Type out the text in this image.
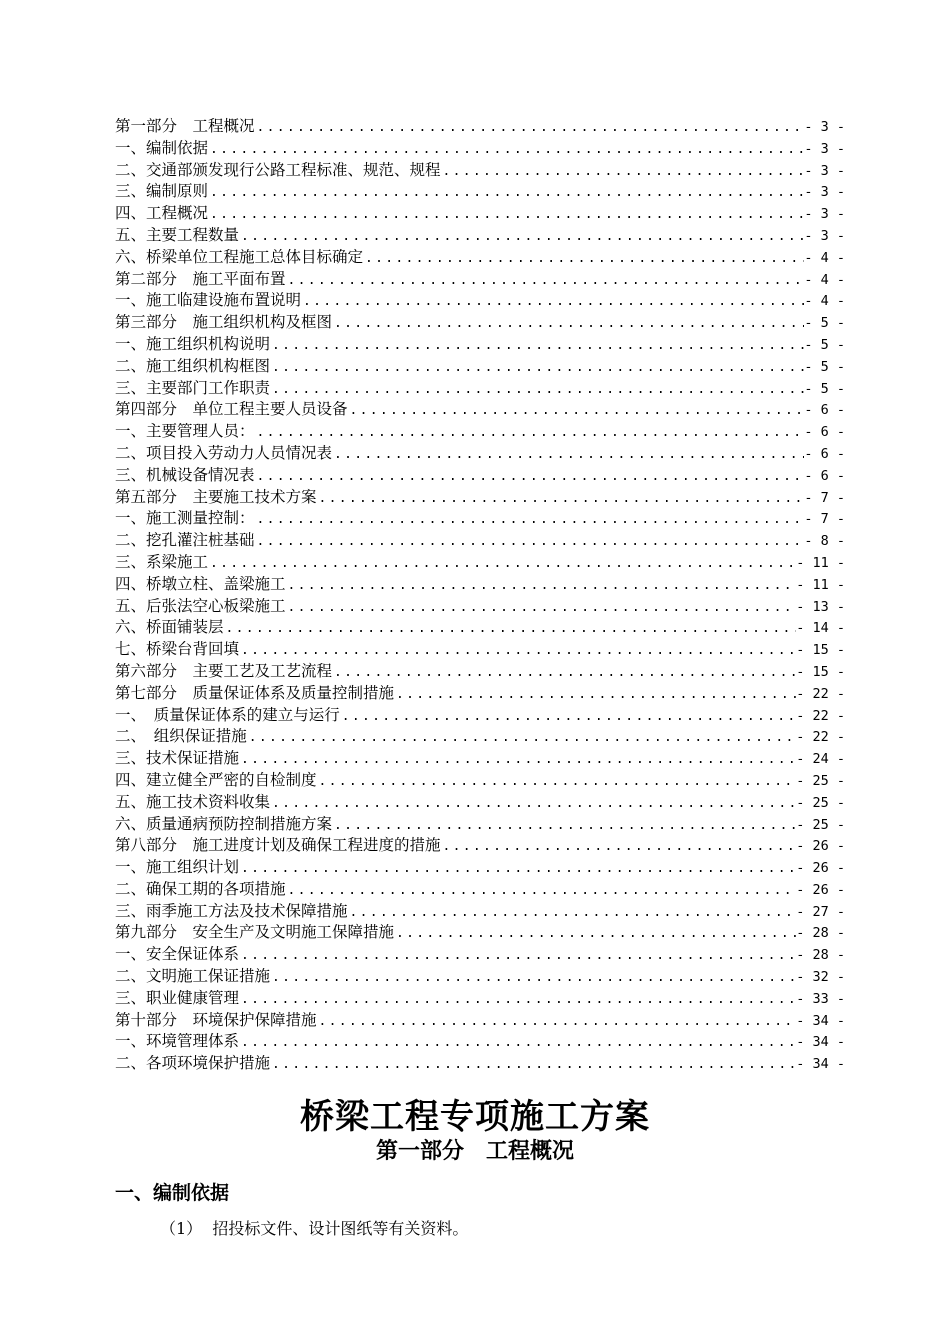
第一部分　工程概况 .....	- 3 -
一、编制依据 .....	- 3 -
二、交通部颁发现行公路工程标准、规范、规程 .....	- 3 -
三、编制原则 .....	- 3 -
四、工程概况 .....	- 3 -
五、主要工程数量 .....	- 3 -
六、桥梁单位工程施工总体目标确定 .....	- 4 -
第二部分　施工平面布置 .....	- 4 -
一、施工临建设施布置说明 .....	- 4 -
第三部分　施工组织机构及框图 .....	- 5 -
一、施工组织机构说明 .....	- 5 -
二、施工组织机构框图 .....	- 5 -
三、主要部门工作职责 .....	- 5 -
第四部分　单位工程主要人员设备 .....	- 6 -
一、主要管理人员： .....	- 6 -
二、项目投入劳动力人员情况表 .....	- 6 -
三、机械设备情况表 .....	- 6 -
第五部分　主要施工技术方案 .....	- 7 -
一、施工测量控制： .....	- 7 -
二、挖孔灌注桩基础 .....	- 8 -
三、系梁施工 .....	- 11 -
四、桥墩立柱、盖梁施工 .....	- 11 -
五、后张法空心板梁施工 .....	- 13 -
六、桥面铺装层 .....	- 14 -
七、桥梁台背回填 .....	- 15 -
第六部分　主要工艺及工艺流程 .....	- 15 -
第七部分　质量保证体系及质量控制措施 .....	- 22 -
一、　质量保证体系的建立与运行 .....	- 22 -
二、　组织保证措施 .....	- 22 -
三、技术保证措施 .....	- 24 -
四、建立健全严密的自检制度 .....	- 25 -
五、施工技术资料收集 .....	- 25 -
六、质量通病预防控制措施方案 .....	- 25 -
第八部分　施工进度计划及确保工程进度的措施 .....	- 26 -
一、施工组织计划 .....	- 26 -
二、确保工期的各项措施 .....	- 26 -
三、雨季施工方法及技术保障措施 .....	- 27 -
第九部分　安全生产及文明施工保障措施 .....	- 28 -
一、安全保证体系 .....	- 28 -
二、文明施工保证措施 .....	- 32 -
三、职业健康管理 .....	- 33 -
第十部分　环境保护保障措施 .....	- 34 -
一、环境管理体系 .....	- 34 -
二、各项环境保护措施 .....	- 34 -
桥梁工程专项施工方案
第一部分　工程概况
一、编制依据
（1）  招投标文件、设计图纸等有关资料。
